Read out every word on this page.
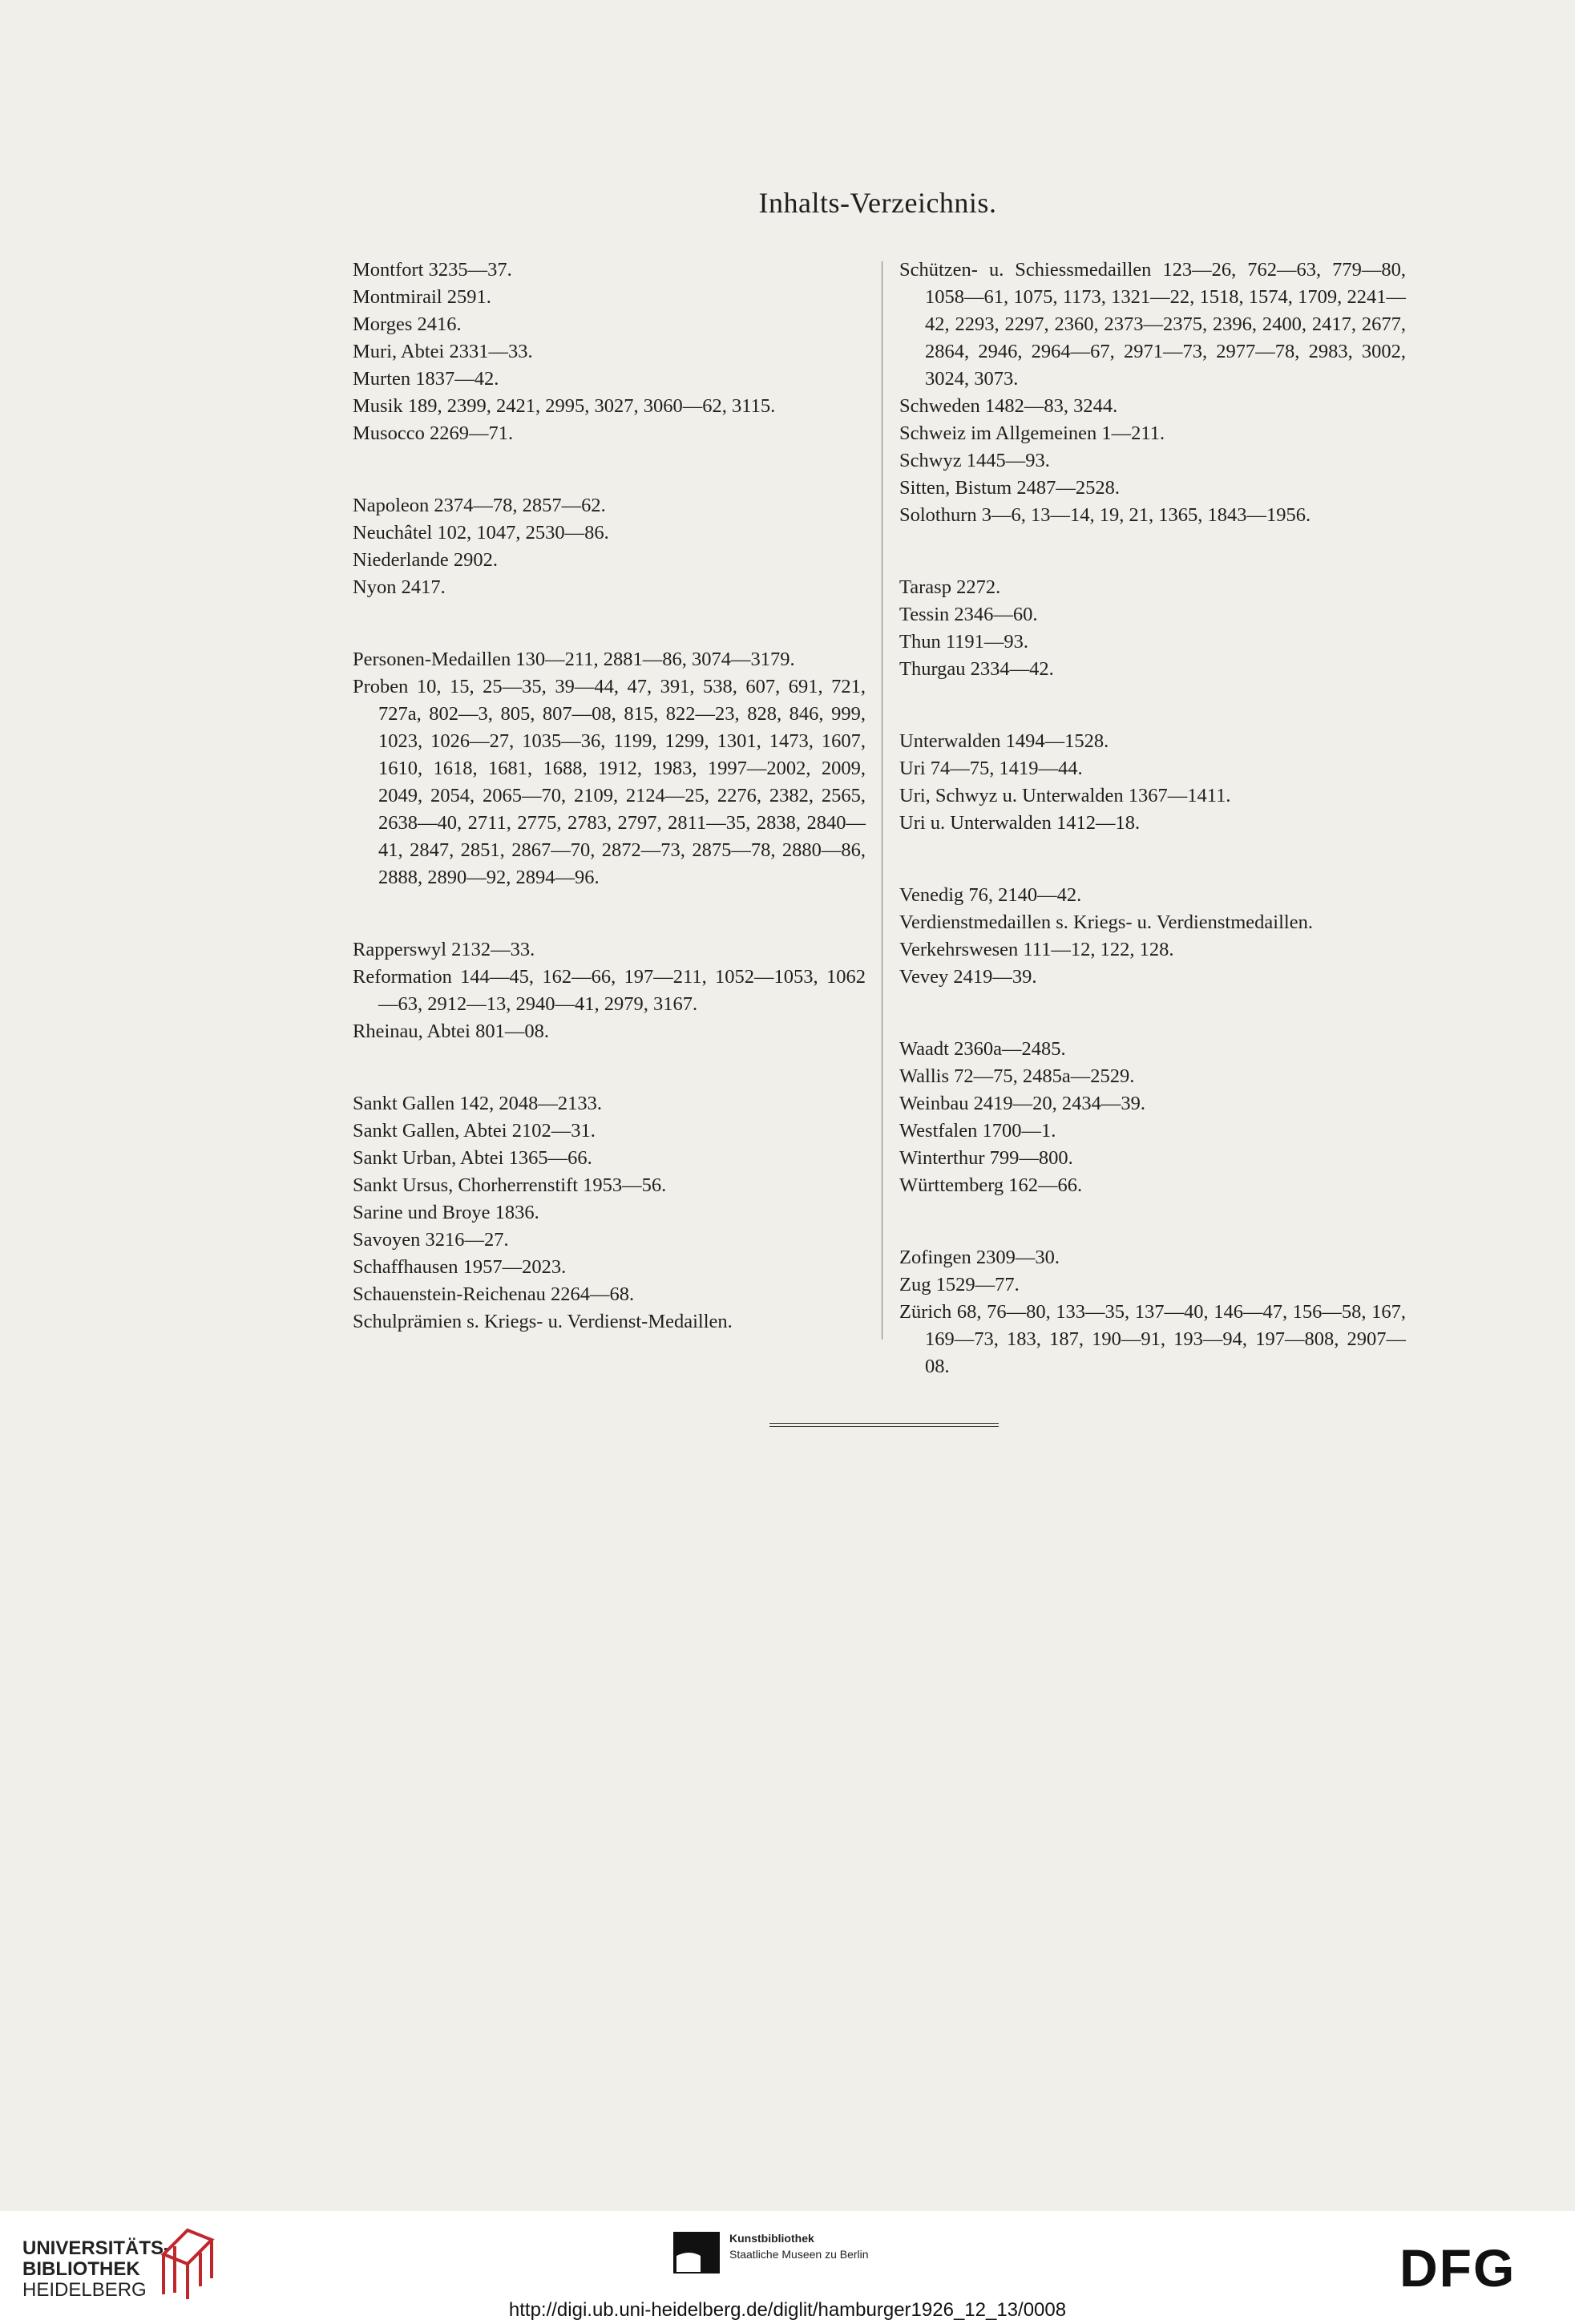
Inhalts-Verzeichnis.
Montfort 3235—37.
Montmirail 2591.
Morges 2416.
Muri, Abtei 2331—33.
Murten 1837—42.
Musik 189, 2399, 2421, 2995, 3027, 3060—62, 3115.
Musocco 2269—71.
Napoleon 2374—78, 2857—62.
Neuchâtel 102, 1047, 2530—86.
Niederlande 2902.
Nyon 2417.
Personen-Medaillen 130—211, 2881—86, 3074—3179.
Proben 10, 15, 25—35, 39—44, 47, 391, 538, 607, 691, 721, 727a, 802—3, 805, 807—08, 815, 822—23, 828, 846, 999, 1023, 1026—27, 1035—36, 1199, 1299, 1301, 1473, 1607, 1610, 1618, 1681, 1688, 1912, 1983, 1997—2002, 2009, 2049, 2054, 2065—70, 2109, 2124—25, 2276, 2382, 2565, 2638—40, 2711, 2775, 2783, 2797, 2811—35, 2838, 2840—41, 2847, 2851, 2867—70, 2872—73, 2875—78, 2880—86, 2888, 2890—92, 2894—96.
Rapperswyl 2132—33.
Reformation 144—45, 162—66, 197—211, 1052—1053, 1062—63, 2912—13, 2940—41, 2979, 3167.
Rheinau, Abtei 801—08.
Sankt Gallen 142, 2048—2133.
Sankt Gallen, Abtei 2102—31.
Sankt Urban, Abtei 1365—66.
Sankt Ursus, Chorherrenstift 1953—56.
Sarine und Broye 1836.
Savoyen 3216—27.
Schaffhausen 1957—2023.
Schauenstein-Reichenau 2264—68.
Schulprämien s. Kriegs- u. Verdienst-Medaillen.
Schützen- u. Schiessmedaillen 123—26, 762—63, 779—80, 1058—61, 1075, 1173, 1321—22, 1518, 1574, 1709, 2241—42, 2293, 2297, 2360, 2373—2375, 2396, 2400, 2417, 2677, 2864, 2946, 2964—67, 2971—73, 2977—78, 2983, 3002, 3024, 3073.
Schweden 1482—83, 3244.
Schweiz im Allgemeinen 1—211.
Schwyz 1445—93.
Sitten, Bistum 2487—2528.
Solothurn 3—6, 13—14, 19, 21, 1365, 1843—1956.
Tarasp 2272.
Tessin 2346—60.
Thun 1191—93.
Thurgau 2334—42.
Unterwalden 1494—1528.
Uri 74—75, 1419—44.
Uri, Schwyz u. Unterwalden 1367—1411.
Uri u. Unterwalden 1412—18.
Venedig 76, 2140—42.
Verdienstmedaillen s. Kriegs- u. Verdienstmedaillen.
Verkehrswesen 111—12, 122, 128.
Vevey 2419—39.
Waadt 2360a—2485.
Wallis 72—75, 2485a—2529.
Weinbau 2419—20, 2434—39.
Westfalen 1700—1.
Winterthur 799—800.
Württemberg 162—66.
Zofingen 2309—30.
Zug 1529—77.
Zürich 68, 76—80, 133—35, 137—40, 146—47, 156—58, 167, 169—73, 183, 187, 190—91, 193—94, 197—808, 2907—08.
UNIVERSITÄTS-
BIBLIOTHEK
HEIDELBERG
Kunstbibliothek
Staatliche Museen zu Berlin	DFG
http://digi.ub.uni-heidelberg.de/diglit/hamburger1926_12_13/0008
